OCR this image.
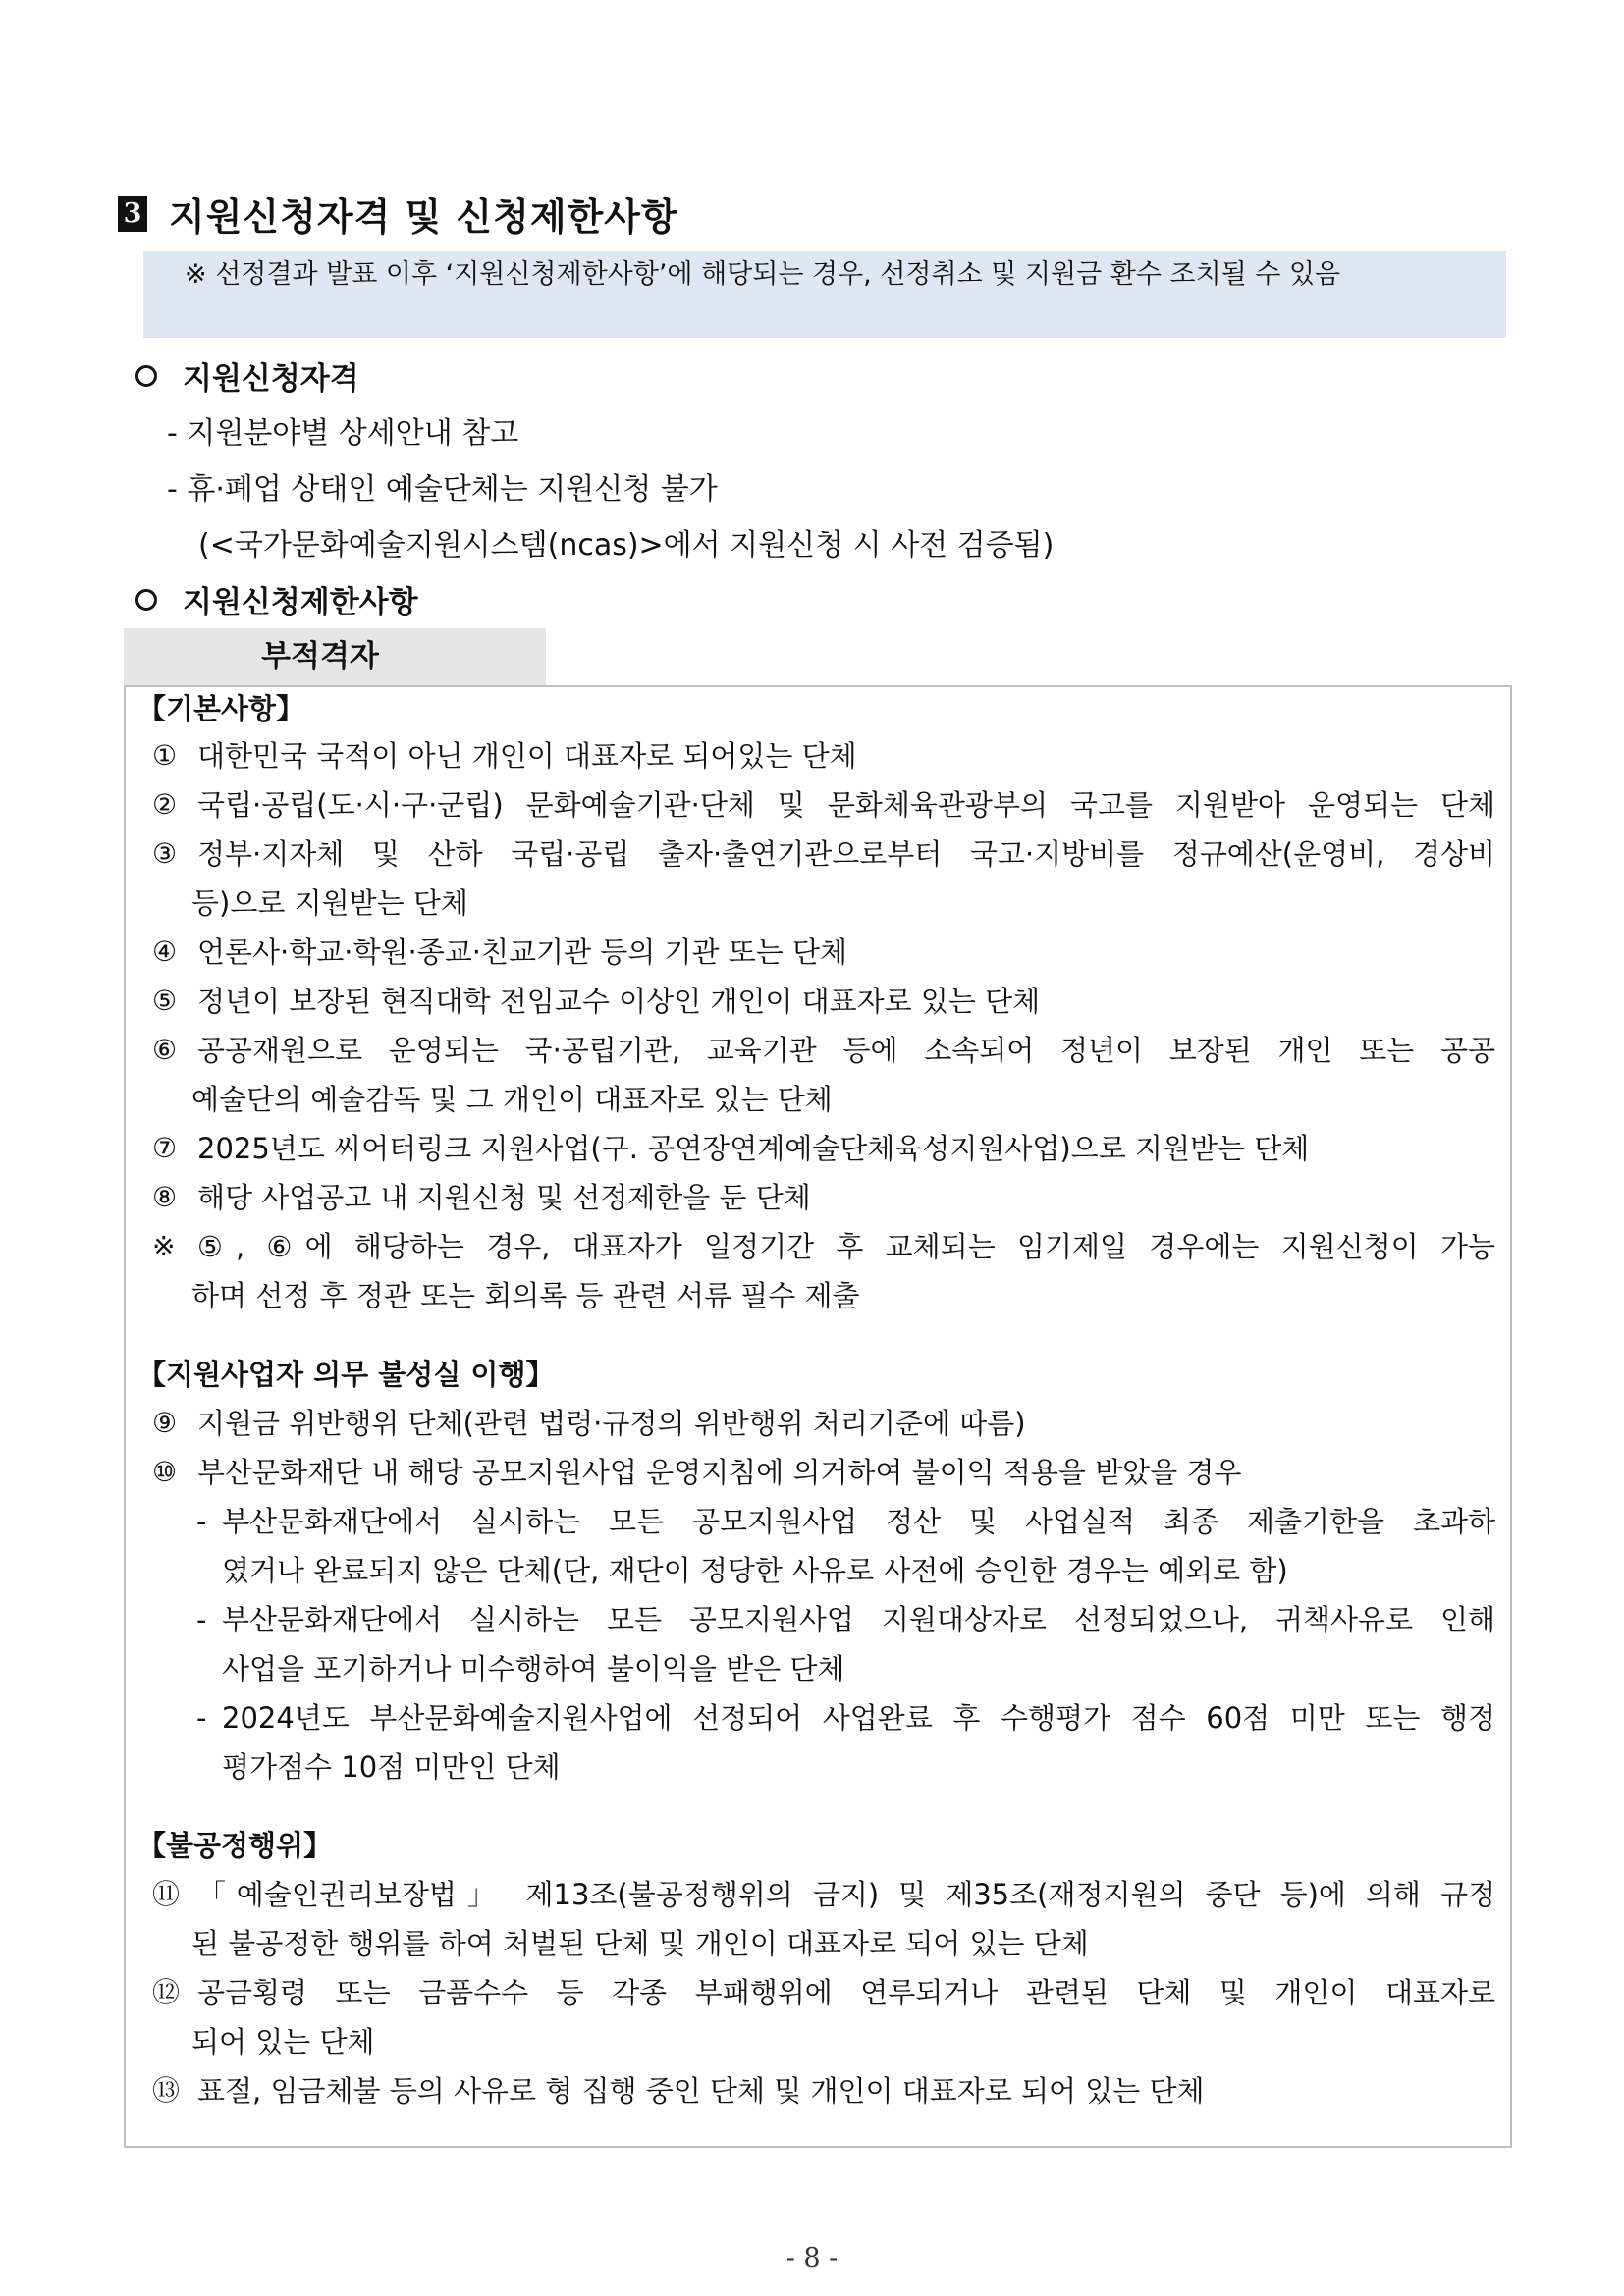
3 지원신청자격 및 신청제한사항
※ 선정결과 발표 이후 ‘지원신청제한사항’에 해당되는 경우, 선정취소 및 지원금 환수 조치될 수 있음
지원신청자격
- 지원분야별 상세안내 참고
- 휴·폐업 상태인 예술단체는 지원신청 불가
(<국가문화예술지원시스템(ncas)>에서 지원신청 시 사전 검증됨)
지원신청제한사항
부적격자
【기본사항】
① 대한민국 국적이 아닌 개인이 대표자로 되어있는 단체
② 국립·공립(도·시·구·군립) 문화예술기관·단체 및 문화체육관광부의 국고를 지원받아 운영되는 단체
③ 정부·지자체 및 산하 국립·공립 출자·출연기관으로부터 국고·지방비를 정규예산(운영비, 경상비
등)으로 지원받는 단체
④ 언론사·학교·학원·종교·친교기관 등의 기관 또는 단체
⑤ 정년이 보장된 현직대학 전임교수 이상인 개인이 대표자로 있는 단체
⑥ 공공재원으로 운영되는 국·공립기관, 교육기관 등에 소속되어 정년이 보장된 개인 또는 공공
예술단의 예술감독 및 그 개인이 대표자로 있는 단체
⑦ 2025년도 씨어터링크 지원사업(구. 공연장연계예술단체육성지원사업)으로 지원받는 단체
⑧ 해당 사업공고 내 지원신청 및 선정제한을 둔 단체
※ ⑤, ⑥에 해당하는 경우, 대표자가 일정기간 후 교체되는 임기제일 경우에는 지원신청이 가능
하며 선정 후 정관 또는 회의록 등 관련 서류 필수 제출
【지원사업자 의무 불성실 이행】
⑨ 지원금 위반행위 단체(관련 법령·규정의 위반행위 처리기준에 따름)
⑩ 부산문화재단 내 해당 공모지원사업 운영지침에 의거하여 불이익 적용을 받았을 경우
- 부산문화재단에서 실시하는 모든 공모지원사업 정산 및 사업실적 최종 제출기한을 초과하
였거나 완료되지 않은 단체(단, 재단이 정당한 사유로 사전에 승인한 경우는 예외로 함)
- 부산문화재단에서 실시하는 모든 공모지원사업 지원대상자로 선정되었으나, 귀책사유로 인해
사업을 포기하거나 미수행하여 불이익을 받은 단체
- 2024년도 부산문화예술지원사업에 선정되어 사업완료 후 수행평가 점수 60점 미만 또는 행정
평가점수 10점 미만인 단체
【불공정행위】
⑪ 「예술인권리보장법」 제13조(불공정행위의 금지) 및 제35조(재정지원의 중단 등)에 의해 규정
된 불공정한 행위를 하여 처벌된 단체 및 개인이 대표자로 되어 있는 단체
⑫ 공금횡령 또는 금품수수 등 각종 부패행위에 연루되거나 관련된 단체 및 개인이 대표자로
되어 있는 단체
⑬ 표절, 임금체불 등의 사유로 형 집행 중인 단체 및 개인이 대표자로 되어 있는 단체
- 8 -
